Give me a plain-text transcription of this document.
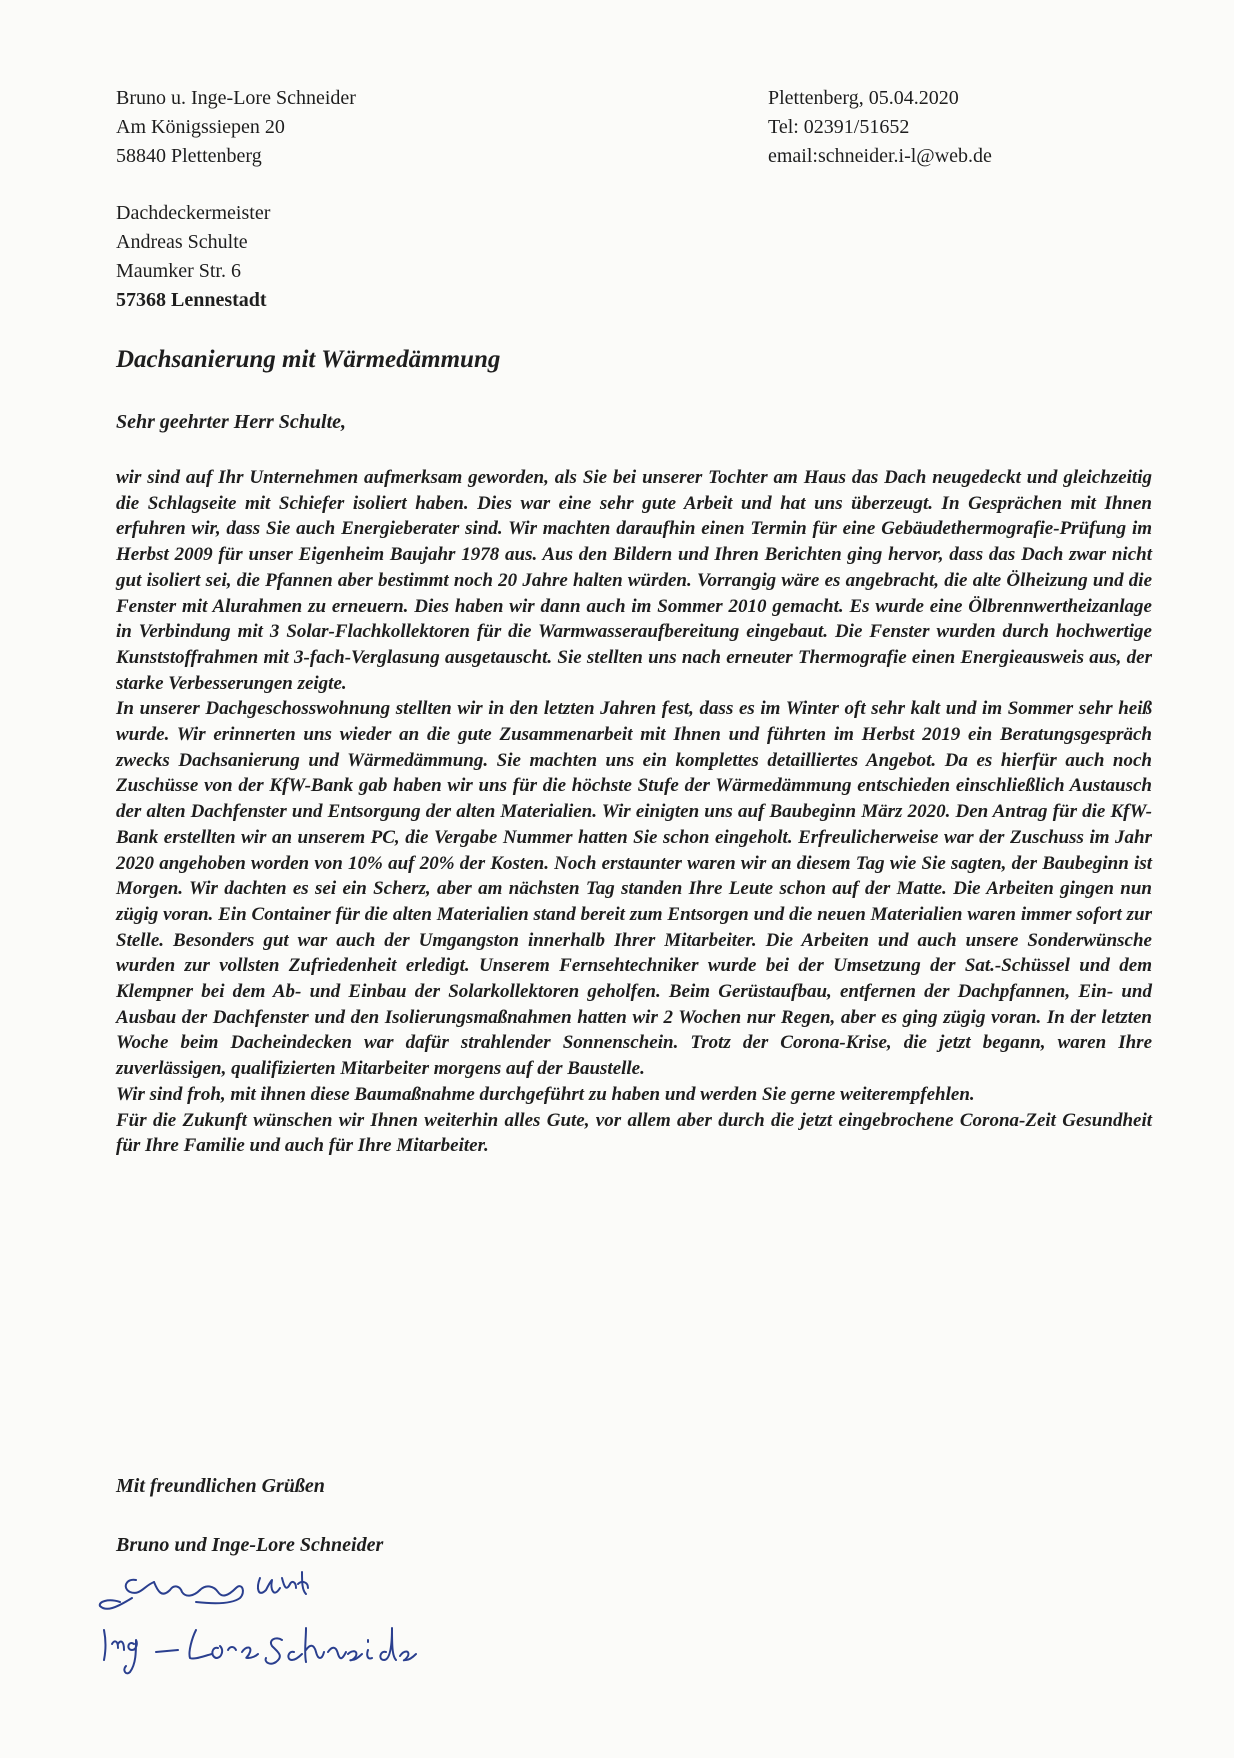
Bruno u. Inge-Lore Schneider
Am Königssiepen 20
58840 Plettenberg
Plettenberg, 05.04.2020
Tel: 02391/51652
email:schneider.i-l@web.de
Dachdeckermeister
Andreas Schulte
Maumker Str. 6
57368 Lennestadt
Dachsanierung mit Wärmedämmung
Sehr geehrter Herr Schulte,

wir sind auf Ihr Unternehmen aufmerksam geworden, als Sie bei unserer Tochter am Haus das Dach neugedeckt und gleichzeitig die Schlagseite mit Schiefer isoliert haben. Dies war eine sehr gute Arbeit und hat uns überzeugt. In Gesprächen mit Ihnen erfuhren wir, dass Sie auch Energieberater sind. Wir machten daraufhin einen Termin für eine Gebäudethermografie-Prüfung im Herbst 2009 für unser Eigenheim Baujahr 1978 aus. Aus den Bildern und Ihren Berichten ging hervor, dass das Dach zwar nicht gut isoliert sei, die Pfannen aber bestimmt noch 20 Jahre halten würden. Vorrangig wäre es angebracht, die alte Ölheizung und die Fenster mit Alurahmen zu erneuern. Dies haben wir dann auch im Sommer 2010 gemacht. Es wurde eine Ölbrennwertheizanlage in Verbindung mit 3 Solar-Flachkollektoren für die Warmwasseraufbereitung eingebaut. Die Fenster wurden durch hochwertige Kunststoffrahmen mit 3-fach-Verglasung ausgetauscht. Sie stellten uns nach erneuter Thermografie einen Energieausweis aus, der starke Verbesserungen zeigte.

In unserer Dachgeschosswohnung stellten wir in den letzten Jahren fest, dass es im Winter oft sehr kalt und im Sommer sehr heiß wurde. Wir erinnerten uns wieder an die gute Zusammenarbeit mit Ihnen und führten im Herbst 2019 ein Beratungsgespräch zwecks Dachsanierung und Wärmedämmung. Sie machten uns ein komplettes detailliertes Angebot. Da es hierfür auch noch Zuschüsse von der KfW-Bank gab haben wir uns für die höchste Stufe der Wärmedämmung entschieden einschließlich Austausch der alten Dachfenster und Entsorgung der alten Materialien. Wir einigten uns auf Baubeginn März 2020. Den Antrag für die KfW-Bank erstellten wir an unserem PC, die Vergabe Nummer hatten Sie schon eingeholt. Erfreulicherweise war der Zuschuss im Jahr 2020 angehoben worden von 10% auf 20% der Kosten. Noch erstaunter waren wir an diesem Tag wie Sie sagten, der Baubeginn ist Morgen. Wir dachten es sei ein Scherz, aber am nächsten Tag standen Ihre Leute schon auf der Matte. Die Arbeiten gingen nun zügig voran. Ein Container für die alten Materialien stand bereit zum Entsorgen und die neuen Materialien waren immer sofort zur Stelle. Besonders gut war auch der Umgangston innerhalb Ihrer Mitarbeiter. Die Arbeiten und auch unsere Sonderwünsche wurden zur vollsten Zufriedenheit erledigt. Unserem Fernsehtechniker wurde bei der Umsetzung der Sat.-Schüssel und dem Klempner bei dem Ab- und Einbau der Solarkollektoren geholfen. Beim Gerüstaufbau, entfernen der Dachpfannen, Ein- und Ausbau der Dachfenster und den Isolierungsmaßnahmen hatten wir 2 Wochen nur Regen, aber es ging zügig voran. In der letzten Woche beim Dacheindecken war dafür strahlender Sonnenschein. Trotz der Corona-Krise, die jetzt begann, waren Ihre zuverlässigen, qualifizierten Mitarbeiter morgens auf der Baustelle.

Wir sind froh, mit ihnen diese Baumaßnahme durchgeführt zu haben und werden Sie gerne weiterempfehlen.

Für die Zukunft wünschen wir Ihnen weiterhin alles Gute, vor allem aber durch die jetzt eingebrochene Corona-Zeit Gesundheit für Ihre Familie und auch für Ihre Mitarbeiter.

Mit freundlichen Grüßen
Bruno und Inge-Lore Schneider
